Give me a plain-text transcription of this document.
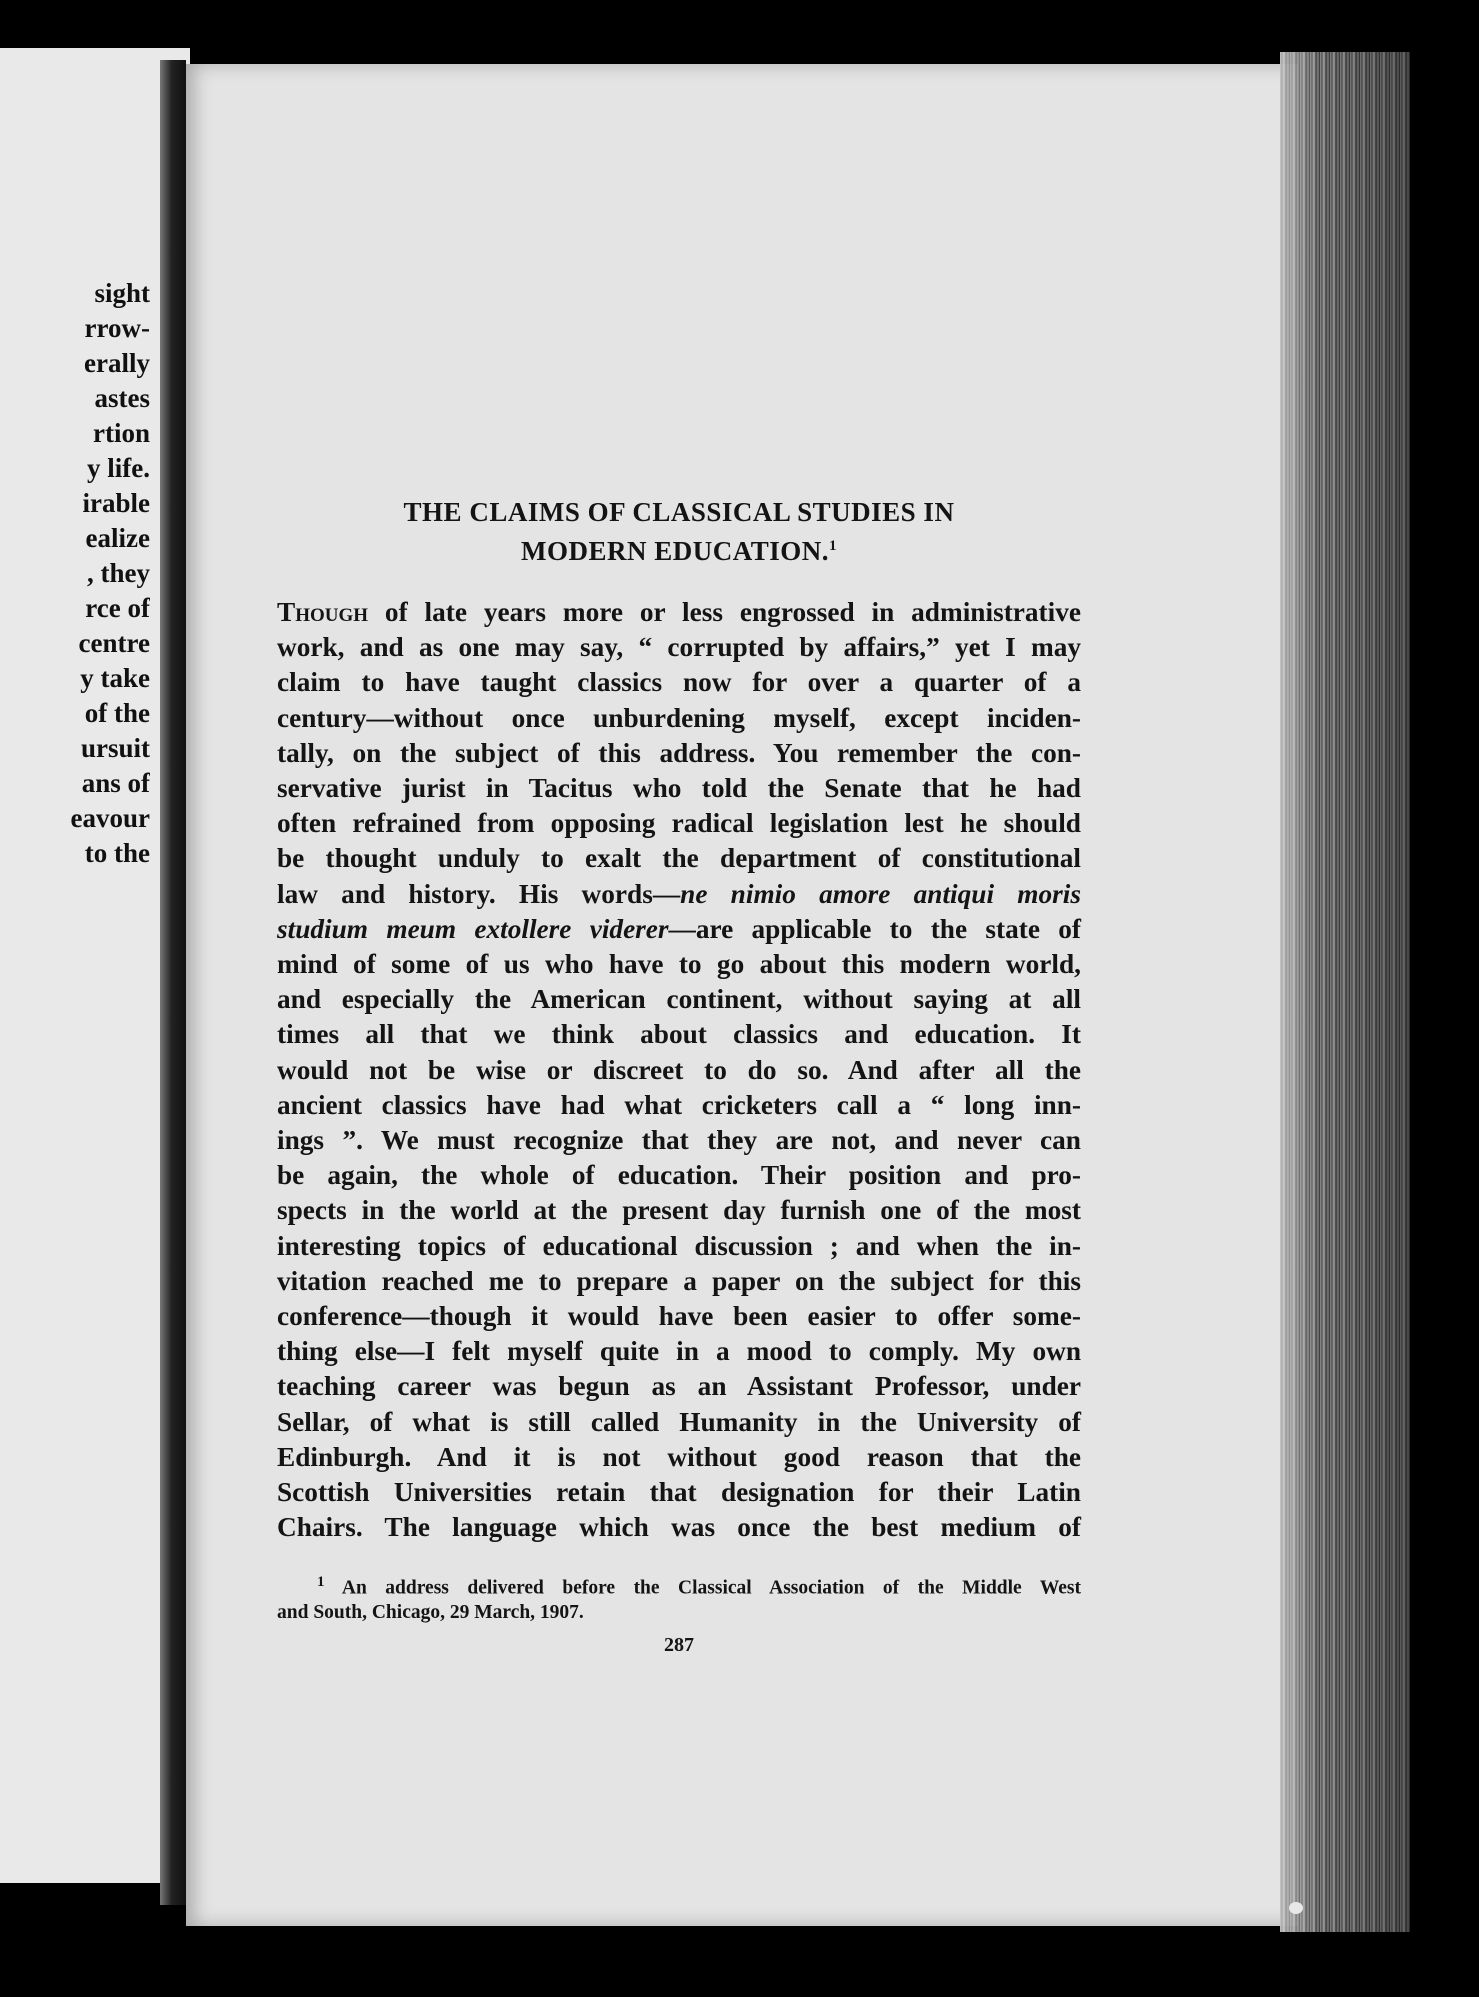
sight
rrow-
erally
astes
rtion
y life.
irable
ealize
, they
rce of
centre
y take
of the
ursuit
ans of
eavour
to the
THE CLAIMS OF CLASSICAL STUDIES IN
MODERN EDUCATION.$^1$
Though of late years more or less engrossed in administrative
work, and as one may say, “ corrupted by affairs,” yet I may
claim to have taught classics now for over a quarter of a
century—without once unburdening myself, except inciden-
tally, on the subject of this address. You remember the con-
servative jurist in Tacitus who told the Senate that he had
often refrained from opposing radical legislation lest he should
be thought unduly to exalt the department of constitutional
law and history. His words—ne nimio amore antiqui moris
studium meum extollere viderer—are applicable to the state of
mind of some of us who have to go about this modern world,
and especially the American continent, without saying at all
times all that we think about classics and education. It
would not be wise or discreet to do so. And after all the
ancient classics have had what cricketers call a “ long inn-
ings ”. We must recognize that they are not, and never can
be again, the whole of education. Their position and pro-
spects in the world at the present day furnish one of the most
interesting topics of educational discussion ; and when the in-
vitation reached me to prepare a paper on the subject for this
conference—though it would have been easier to offer some-
thing else—I felt myself quite in a mood to comply. My own
teaching career was begun as an Assistant Professor, under
Sellar, of what is still called Humanity in the University of
Edinburgh. And it is not without good reason that the
Scottish Universities retain that designation for their Latin
Chairs. The language which was once the best medium of
$^1$ An address delivered before the Classical Association of the Middle West
and South, Chicago, 29 March, 1907.
287
